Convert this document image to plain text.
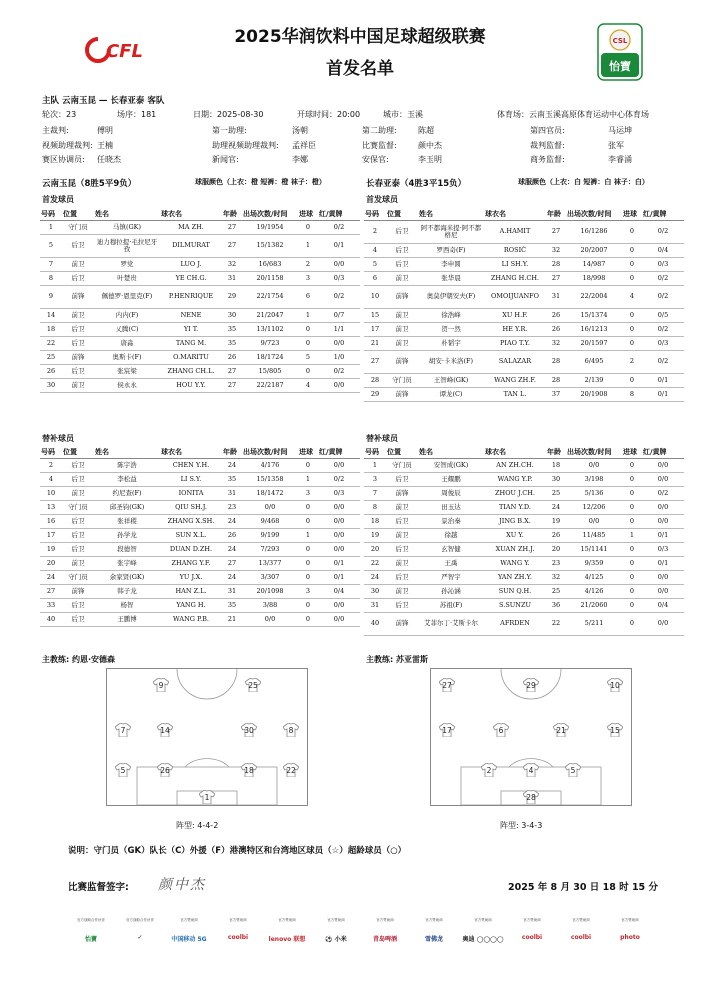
CFL
2025华润饮料中国足球超级联赛
首发名单
CSL
怡寶
主队 云南玉昆 — 长春亚泰 客队
轮次：23	场序：181	日期：2025-08-30	开球时间：20:00	城市：玉溪	体育场：云南玉溪高原体育运动中心体育场
主裁判:	傅明	第一助理:	汤朝	第二助理:	陈超	第四官员:	马运坤
视频助理裁判: 王楠	助理视频助理裁判: 孟祥臣	比赛监督:	颜中杰	裁判监督:	张军
赛区协调员: 任晓杰	新闻官:	李娜	安保官:	李玉明	商务监督:	李睿涌
云南玉昆（8胜5平9负）	球服颜色（上衣：橙 短裤：橙 袜子：橙）	长春亚泰（4胜3平15负）	球服颜色（上衣：白 短裤：白 袜子：白）
首发球员	首发球员
号码	位置	姓名	球衣名	年龄	出场次数/时间	进球	红/黄牌
1	守门员	马镇(GK)	MA ZH.	27	19/1954	0	0/2
5	后卫	迪力穆拉提·毛拉尼牙孜	DILMURAT	27	15/1382	1	0/1
7	前卫	罗党	LUO J.	32	16/683	2	0/0
8	后卫	叶楚贵	YE CH.G.	31	20/1158	3	0/3
9	前锋	佩德罗·恩里克(F)	P.HENRIQUE	29	22/1754	6	0/2
14	前卫	内内(F)	NENE	30	21/2047	1	0/7
18	后卫	乂腾(C)	YI T.	35	13/1102	0	1/1
22	后卫	唐淼	TANG M.	35	9/723	0	0/0
25	前锋	奥斯卡(F)	O.MARITU	26	18/1724	5	1/0
26	后卫	张宸梁	ZHANG CH.L.	27	15/805	0	0/2
30	前卫	侯永永	HOU Y.Y.	27	22/2187	4	0/0
号码	位置	姓名	球衣名	年龄	出场次数/时间	进球	红/黄牌
2	后卫	阿不都海米提·阿不都格尼	A.HAMIT	27	16/1286	0	0/2
4	后卫	罗西奇(F)	ROSIĆ	32	20/2007	0	0/4
5	后卫	李申圆	LI SH.Y.	28	14/987	0	0/3
6	前卫	张华晨	ZHANG H.CH.	27	18/998	0	0/2
10	前锋	奥莫伊朝安夫(F)	OMOIJUANFO	31	22/2004	4	0/2
15	前卫	徐浩峰	XU H.F.	26	15/1374	0	0/5
17	前卫	贺一然	HE Y.R.	26	16/1213	0	0/2
21	前卫	朴韬宇	PIAO T.Y.	32	20/1597	0	0/3
27	前锋	胡安·卡米洛(F)	SALAZAR	28	6/495	2	0/2
28	守门员	王智峰(GK)	WANG ZH.F.	28	2/139	0	0/1
29	前锋	谭龙(C)	TAN L.	37	20/1908	8	0/1
替补球员	替补球员
号码	位置	姓名	球衣名	年龄	出场次数/时间	进球	红/黄牌
2	后卫	陈宇浩	CHEN Y.H.	24	4/176	0	0/0
4	后卫	李松益	LI S.Y.	35	15/1358	1	0/2
10	前卫	约尼查(F)	IONITA	31	18/1472	3	0/3
13	守门员	邱圣钧(GK)	QIU SH.J.	23	0/0	0	0/0
16	后卫	张祥稷	ZHANG X.SH.	24	9/468	0	0/0
17	后卫	孙学龙	SUN X.L.	26	9/199	1	0/0
19	后卫	段德智	DUAN D.ZH.	24	7/293	0	0/0
20	前卫	张宇峰	ZHANG Y.F.	27	13/377	0	0/1
24	守门员	余家贤(GK)	YU J.X.	24	3/307	0	0/1
27	前锋	韩子龙	HAN Z.L.	31	20/1098	3	0/4
33	后卫	杨智	YANG H.	35	3/88	0	0/0
40	后卫	王鹏博	WANG P.B.	21	0/0	0	0/0
号码	位置	姓名	球衣名	年龄	出场次数/时间	进球	红/黄牌
1	守门员	安智成(GK)	AN ZH.CH.	18	0/0	0	0/0
3	后卫	王耀鹏	WANG Y.P.	30	3/198	0	0/0
7	前锋	周俊辰	ZHOU J.CH.	25	5/136	0	0/2
8	前卫	田玉达	TIAN Y.D.	24	12/206	0	0/0
18	后卫	景治秦	JING B.X.	19	0/0	0	0/0
19	前卫	徐越	XU Y.	26	11/485	1	0/1
20	后卫	玄智健	XUAN ZH.J.	20	15/1141	0	0/3
22	前卫	王禹	WANG Y.	23	9/359	0	0/1
24	后卫	严智宇	YAN ZH.Y.	32	4/125	0	0/0
30	前卫	孙沁涵	SUN Q.H.	25	4/126	0	0/0
31	后卫	苏祖(F)	S.SUNZU	36	21/2060	0	0/4
40	前锋	艾菲尔丁·艾斯卡尔	AFRDEN	22	5/211	0	0/0
主教练: 约恩·安德森	主教练: 苏亚雷斯
9	25
7	14	30	8
5	26	18	22
1
27	29	10
17	6	21	15
2	4	5
28
阵型: 4-4-2	阵型: 3-4-3
说明：守门员（GK）队长（C）外援（F）港澳特区和台湾地区球员（☆）超龄球员（○）
比赛监督签字: 颜中杰	2025 年 8 月 30 日 18 时 15 分
官方战略合作伙伴
怡寶
官方战略合作伙伴
✓
官方赞助商
中国移动 5G
官方赞助商
coolbi
官方赞助商
lenovo 联想
官方赞助商
⚽ 小米
官方赞助商
青岛啤酒
官方赞助商
雪佛龙
官方赞助商
奥迪 ◯◯◯◯
官方赞助商
coolbi
官方赞助商
coolbi
官方赞助商
photo
